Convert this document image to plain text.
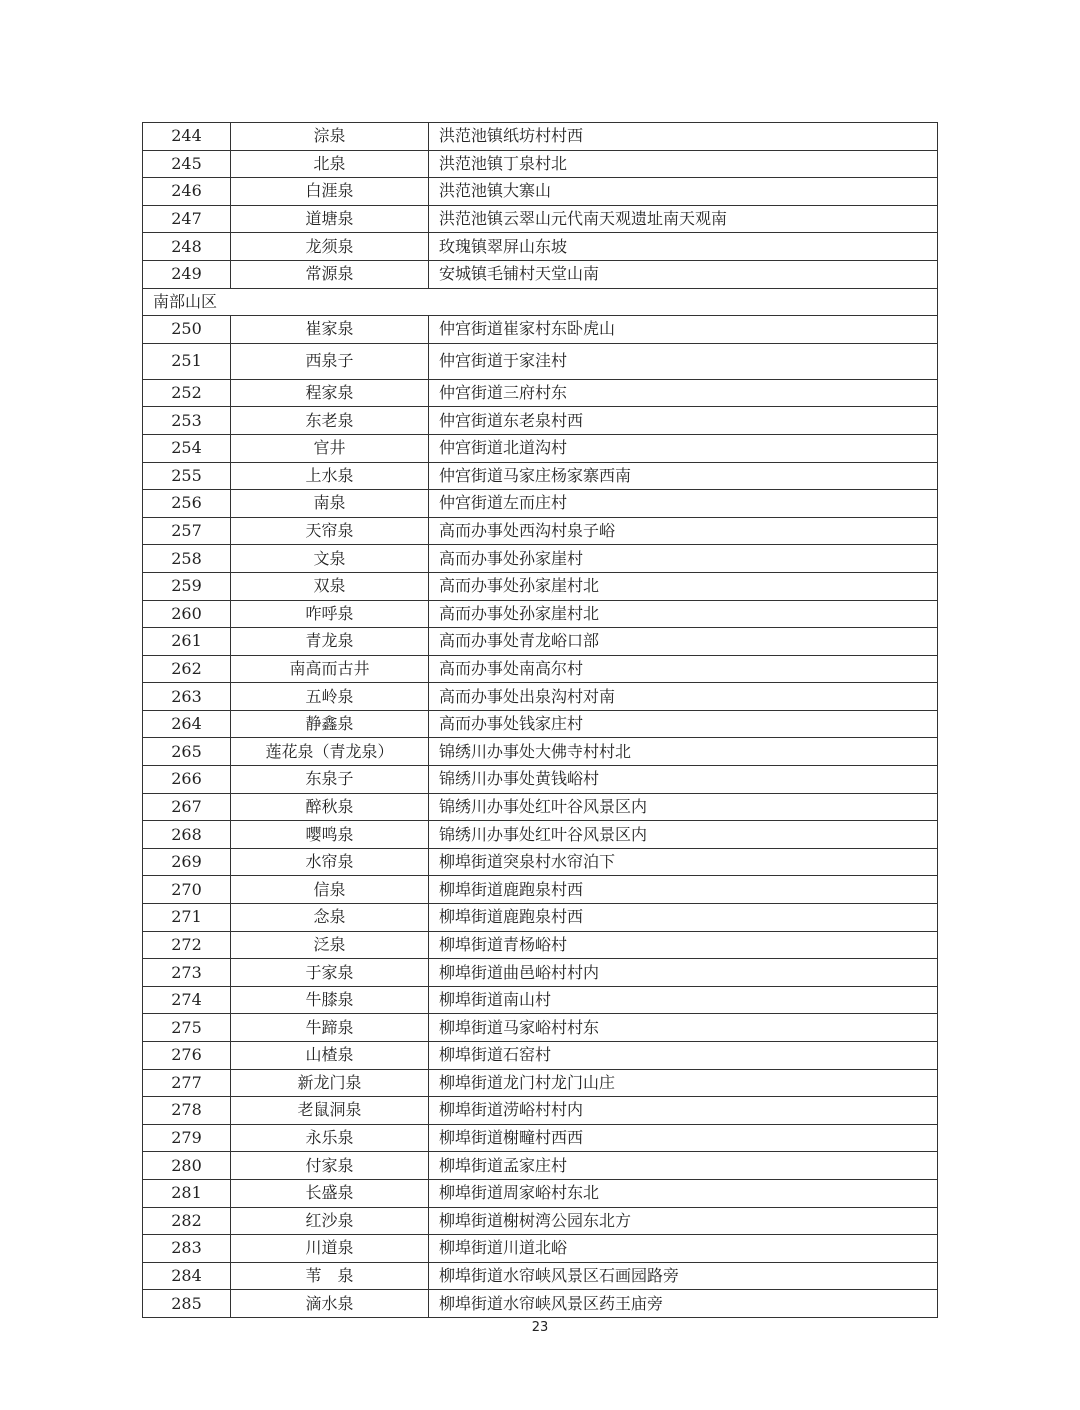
244	淙泉	洪范池镇纸坊村村西
245	北泉	洪范池镇丁泉村北
246	白涯泉	洪范池镇大寨山
247	道塘泉	洪范池镇云翠山元代南天观遗址南天观南
248	龙须泉	玫瑰镇翠屏山东坡
249	常源泉	安城镇毛铺村天堂山南
南部山区		
250	崔家泉	仲宫街道崔家村东卧虎山
251	西泉子	仲宫街道于家洼村
252	程家泉	仲宫街道三府村东
253	东老泉	仲宫街道东老泉村西
254	官井	仲宫街道北道沟村
255	上水泉	仲宫街道马家庄杨家寨西南
256	南泉	仲宫街道左而庄村
257	天帘泉	高而办事处西沟村泉子峪
258	文泉	高而办事处孙家崖村
259	双泉	高而办事处孙家崖村北
260	咋呼泉	高而办事处孙家崖村北
261	青龙泉	高而办事处青龙峪口部
262	南高而古井	高而办事处南高尔村
263	五岭泉	高而办事处出泉沟村对南
264	静鑫泉	高而办事处钱家庄村
265	莲花泉（青龙泉）	锦绣川办事处大佛寺村村北
266	东泉子	锦绣川办事处黄钱峪村
267	醉秋泉	锦绣川办事处红叶谷风景区内
268	嘤鸣泉	锦绣川办事处红叶谷风景区内
269	水帘泉	柳埠街道突泉村水帘泊下
270	信泉	柳埠街道鹿跑泉村西
271	念泉	柳埠街道鹿跑泉村西
272	泛泉	柳埠街道青杨峪村
273	于家泉	柳埠街道曲邑峪村村内
274	牛膝泉	柳埠街道南山村
275	牛蹄泉	柳埠街道马家峪村村东
276	山楂泉	柳埠街道石窑村
277	新龙门泉	柳埠街道龙门村龙门山庄
278	老鼠洞泉	柳埠街道涝峪村村内
279	永乐泉	柳埠街道榭疃村西西
280	付家泉	柳埠街道孟家庄村
281	长盛泉	柳埠街道周家峪村东北
282	红沙泉	柳埠街道榭树湾公园东北方
283	川道泉	柳埠街道川道北峪
284	苇　泉	柳埠街道水帘峡风景区石画园路旁
285	滴水泉	柳埠街道水帘峡风景区药王庙旁
23
